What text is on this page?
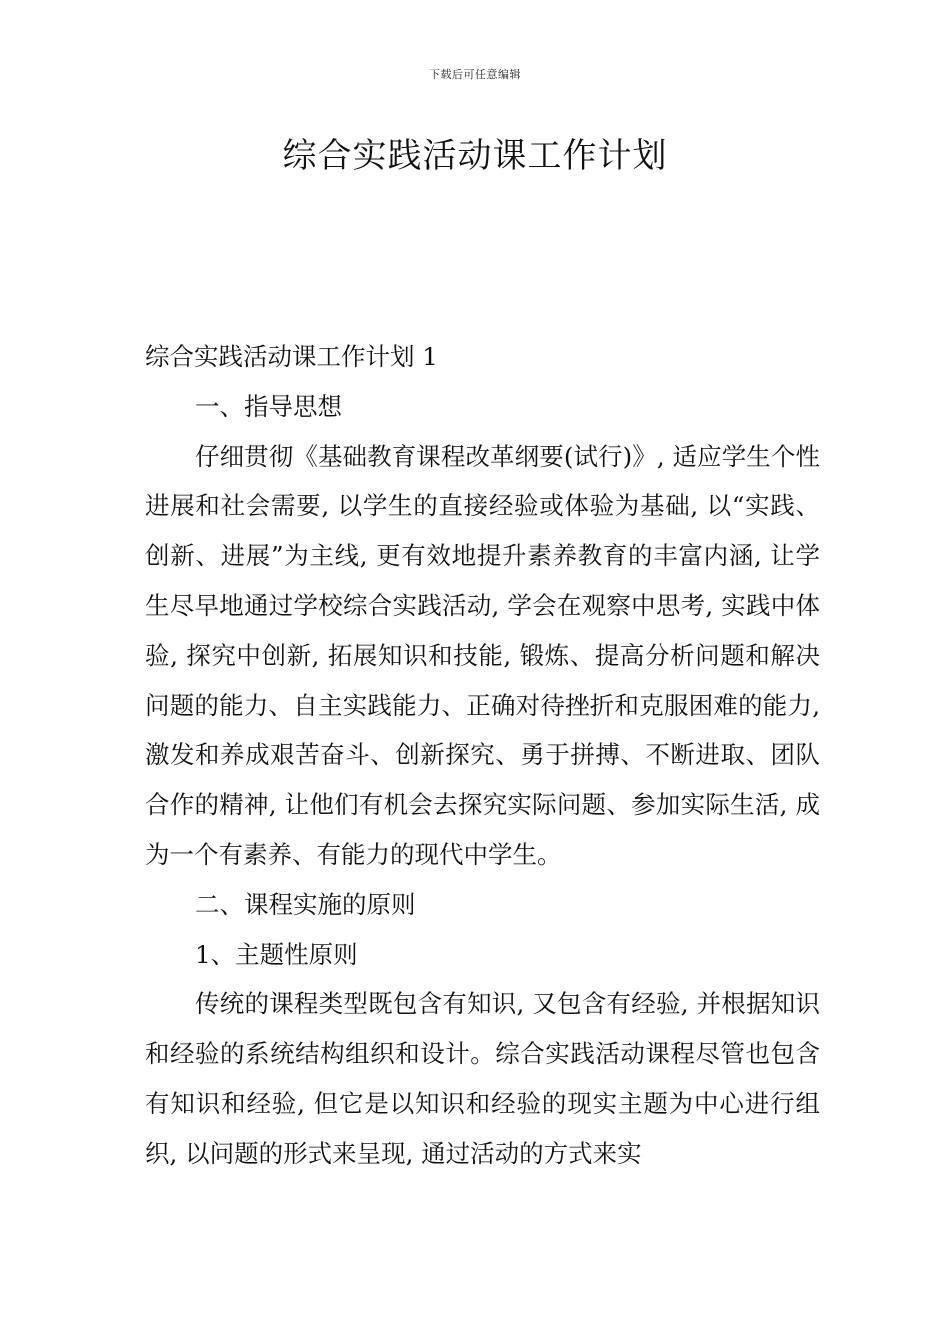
下载后可任意编辑
综合实践活动课工作计划

综合实践活动课工作计划 1

一、指导思想

仔细贯彻《基础教育课程改革纲要(试行)》, 适应学生个性进展和社会需要, 以学生的直接经验或体验为基础, 以“实践、创新、进展”为主线, 更有效地提升素养教育的丰富内涵, 让学生尽早地通过学校综合实践活动, 学会在观察中思考, 实践中体验, 探究中创新, 拓展知识和技能, 锻炼、提高分析问题和解决问题的能力、自主实践能力、正确对待挫折和克服困难的能力, 激发和养成艰苦奋斗、创新探究、勇于拼搏、不断进取、团队合作的精神, 让他们有机会去探究实际问题、参加实际生活, 成为一个有素养、有能力的现代中学生。

二、课程实施的原则

1、主题性原则

传统的课程类型既包含有知识, 又包含有经验, 并根据知识和经验的系统结构组织和设计。综合实践活动课程尽管也包含有知识和经验, 但它是以知识和经验的现实主题为中心进行组织, 以问题的形式来呈现, 通过活动的方式来实
